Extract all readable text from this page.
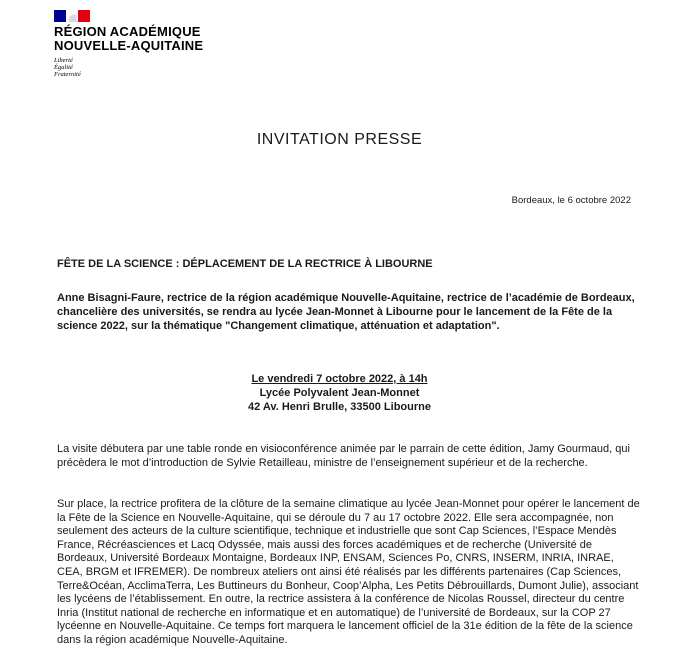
RÉGION ACADÉMIQUE
NOUVELLE-AQUITAINE
Liberté
Égalité
Fraternité
INVITATION PRESSE
Bordeaux, le 6 octobre 2022
FÊTE DE LA SCIENCE : DÉPLACEMENT DE LA RECTRICE À LIBOURNE
Anne Bisagni-Faure, rectrice de la région académique Nouvelle-Aquitaine, rectrice de l’académie de Bordeaux, chancelière des universités, se rendra au lycée Jean-Monnet à Libourne pour le lancement de la Fête de la science 2022, sur la thématique "Changement climatique, atténuation et adaptation".
Le vendredi 7 octobre 2022, à 14h
Lycée Polyvalent Jean-Monnet
42 Av. Henri Brulle, 33500 Libourne
La visite débutera par une table ronde en visioconférence animée par le parrain de cette édition, Jamy Gourmaud, qui précèdera le mot d’introduction de Sylvie Retailleau, ministre de l’enseignement supérieur et de la recherche.
Sur place, la rectrice profitera de la clôture de la semaine climatique au lycée Jean-Monnet pour opérer le lancement de la Fête de la Science en Nouvelle-Aquitaine, qui se déroule du 7 au 17 octobre 2022. Elle sera accompagnée, non seulement des acteurs de la culture scientifique, technique et industrielle que sont Cap Sciences, l’Espace Mendès France, Récréasciences et Lacq Odyssée, mais aussi des forces académiques et de recherche (Université de Bordeaux, Université Bordeaux Montaigne, Bordeaux INP, ENSAM, Sciences Po, CNRS, INSERM, INRIA, INRAE, CEA, BRGM et IFREMER). De nombreux ateliers ont ainsi été réalisés par les différents partenaires (Cap Sciences, Terre&Océan, AcclimaTerra, Les Buttineurs du Bonheur, Coop’Alpha, Les Petits Débrouillards, Dumont Julie), associant les lycéens de l’établissement. En outre, la rectrice assistera à la conférence de Nicolas Roussel, directeur du centre Inria (Institut national de recherche en informatique et en automatique) de l’université de Bordeaux, sur la COP 27 lycéenne en Nouvelle-Aquitaine. Ce temps fort marquera le lancement officiel de la 31e édition de la fête de la science dans la région académique Nouvelle-Aquitaine.
